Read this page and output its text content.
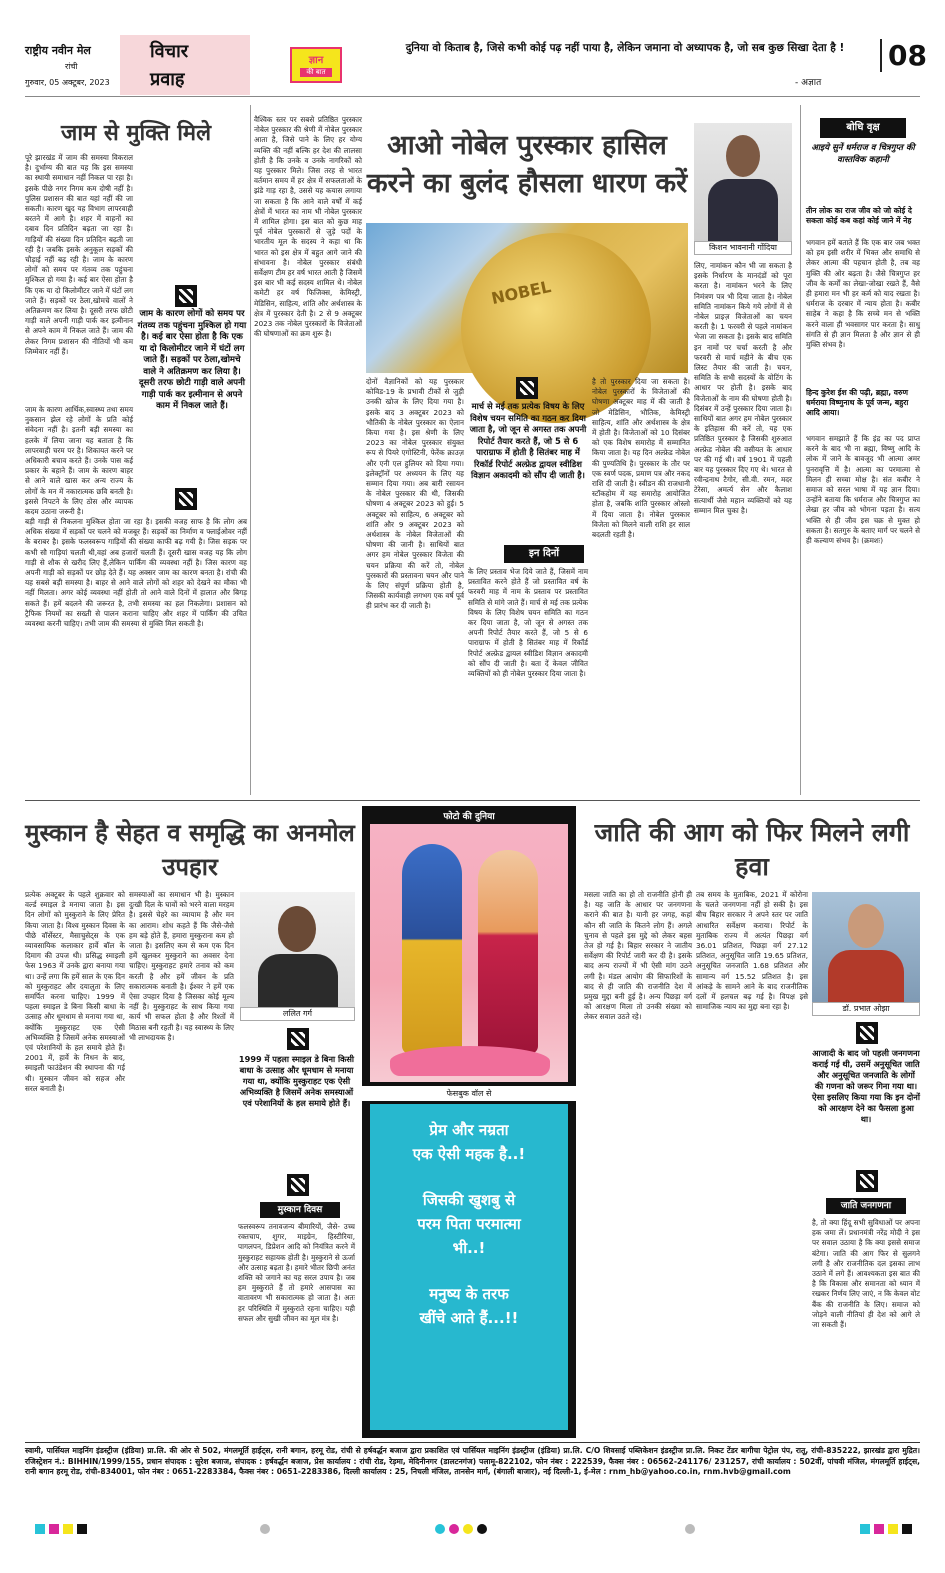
राष्ट्रीय नवीन मेल
रांची
गुरुवार, 05 अक्टूबर, 2023
विचार
प्रवाह
ज्ञान
की बात
दुनिया वो किताब है, जिसे कभी कोई पढ़ नहीं पाया है, लेकिन जमाना वो अध्यापक है, जो सब कुछ सिखा देता है !
- अज्ञात
08
जाम से मुक्ति मिले
पूरे झारखंड में जाम की समस्या विकराल है। दुर्भाग्य की बात यह कि इस समस्या का स्थायी समाधान नहीं निकल पा रहा है। इसके पीछे नगर निगम कम दोषी नहीं है। पुलिस प्रशासन की बात यहां नहीं की जा सकती। कारण खुद यह विभाग लापरवाही बरतने में आगे है। शहर में वाहनों का दबाव दिन प्रतिदिन बढ़ता जा रहा है। गाड़ियों की संख्या दिन प्रतिदिन बढ़ती जा रही है। जबकि इसके अनुकूल सड़कों की चौड़ाई नहीं बढ़ रही है। जाम के कारण लोगों को समय पर गंतव्य तक पहुंचना मुश्किल हो गया है। कई बार ऐसा होता है कि एक या दो किलोमीटर जाने में घंटों लग जाते हैं। सड़कों पर ठेला,खोमचे वालों ने अतिक्रमण कर लिया है। दूसरी तरफ छोटी गाड़ी वाले अपनी गाड़ी पार्क कर इत्मीनान से अपने काम में निकल जाते हैं। जाम की लेकर निगम प्रशासन की नीतियों भी कम जिम्मेवार नहीं हैं।
जाम के कारण आर्थिक,स्वास्थ्य तथा समय नुकसान झेल रहे लोगों के प्रति कोई संवेदना नहीं है। इतनी बड़ी समस्या का हलके में लिया जाना यह बताता है कि लापरवाही चरम पर है। शिकायत करने पर अधिकारी बचाव करते हैं। उनके पास कई प्रकार के बहाने हैं। जाम के कारण बाहर से आने वाले खास कर अन्य राज्य के लोगों के मन में नकारात्मक छवि बनती है। इससे निपटने के लिए ठोस और व्यापक कदम उठाना जरूरी है।
जाम के कारण लोगों को समय पर गंतव्य तक पहुंचना मुश्किल हो गया है। कई बार ऐसा होता है कि एक या दो किलोमीटर जाने में घंटों लग जाते हैं। सड़कों पर ठेला,खोमचे वाले ने अतिक्रमण कर लिया है। दूसरी तरफ छोटी गाड़ी वाले अपनी गाड़ी पार्क कर इत्मीनान से अपने काम में निकल जाते हैं।
बड़ी गाड़ी से निकलना मुश्किल होता जा रहा है। इसकी वजह साफ है कि लोग अब अधिक संख्या में सड़कों पर चलने को मजबूर हैं। सड़कों का निर्माण व फ्लाईओवर नहीं के बराबर है। इसके फलस्वरूप गाड़ियों की संख्या काफी बढ़ गयी है। जिस सड़क पर कभी सौ गाड़ियां चलती थी,वहां अब हजारों चलती हैं। दूसरी खास वजह यह कि लोग गाड़ी से शौक से खरीद लिए हैं,लेकिन पार्किंग की व्यवस्था नहीं है। जिस कारण वह अपनी गाड़ी को सड़कों पर छोड़ देते हैं। यह अक्सर जाम का कारण बनता है। रांची की यह सबसे बड़ी समस्या है। बाहर से आने वाले लोगों को शहर को देखने का मौका भी नहीं मिलता। अगर कोई व्यवस्था नहीं होती तो आने वाले दिनों में हालात और बिगड़ सकते हैं। हमें बदलने की जरूरत है, तभी समस्या का हल निकलेगा। प्रशासन को ट्रैफिक नियमों का सख्ती से पालन कराना चाहिए और शहर में पार्किंग की उचित व्यवस्था करनी चाहिए। तभी जाम की समस्या से मुक्ति मिल सकती है।
वैश्विक स्तर पर सबसे प्रतिष्ठित पुरस्कार नोबेल पुरस्कार की श्रेणी में नोबेल पुरस्कार आता है, जिसे पाने के लिए हर योग्य व्यक्ति की नहीं बल्कि हर देश की लालसा होती है कि उनके व उनके नागरिकों को यह पुरस्कार मिले। जिस तरह से भारत वर्तमान समय में हर क्षेत्र में सफलताओं के झंडे गाड़ रहा है, उससे यह कयास लगाया जा सकता है कि आने वाले वर्षों में कई क्षेत्रों में भारत का नाम भी नोबेल पुरस्कार में शामिल होगा। इस बात को कुछ माह पूर्व नोबेल पुरस्कारों से जुड़े पदों के भारतीय मूल के सदस्य ने कहा था कि भारत को इस क्षेत्र में बहुत आगे जाने की संभावना है। नोबेल पुरस्कार संबंधी सर्वेक्षण टीम हर वर्ष भारत आती है जिसमें इस बार भी कई सदस्य शामिल थे। नोबेल कमेटी हर वर्ष फिजिक्स, केमिस्ट्री, मेडिसिन, साहित्य, शांति और अर्थशास्त्र के क्षेत्र में पुरस्कार देती है। 2 से 9 अक्टूबर 2023 तक नोबेल पुरस्कारों के विजेताओं की घोषणाओं का क्रम शुरू है।
आओ नोबेल पुरस्कार हासिल करने का बुलंद हौसला धारण करें
NOBEL
किशन भावनानी गोंदिया
लिए, नामांकन कौन भी जा सकता है इसके निर्धारण के मानदंडों को पूरा करता है। नामांकन भरने के लिए निमंत्रण पत्र भी दिया जाता है। नोबेल समिति नामांकन किये गये लोगों में से नोबेल प्राइज़ विजेताओं का चयन करती है। 1 फरवरी से पहले नामांकन भेजा जा सकता है। इसके बाद समिति इन नामों पर चर्चा करती है और फरवरी से मार्च महीने के बीच एक लिस्ट तैयार की जाती है। चयन, समिति के सभी सदस्यों के वोटिंग के आधार पर होती है। इसके बाद विजेताओं के नाम की घोषणा होती है। दिसंबर में उन्हें पुरस्कार दिया जाता है। साथियों बात अगर हम नोबेल पुरस्कार के इतिहास की करें तो, यह एक प्रतिष्ठित पुरस्कार है जिसकी शुरुआत अल्फ्रेड नोबेल की वसीयत के आधार पर की गई थी। वर्ष 1901 में पहली बार यह पुरस्कार दिए गए थे। भारत से रवीन्द्रनाथ टैगोर, सी.वी. रमन, मदर टेरेसा, अमर्त्य सेन और कैलाश सत्यार्थी जैसे महान व्यक्तियों को यह सम्मान मिल चुका है।
दोनों वैज्ञानिकों को यह पुरस्कार कोविड-19 के प्रभावी टीकों से जुड़ी उनकी खोज के लिए दिया गया है। इसके बाद 3 अक्टूबर 2023 को भौतिकी के नोबेल पुरस्कार का ऐलान किया गया है। इस श्रेणी के लिए 2023 का नोबेल पुरस्कार संयुक्त रूप से पियरे एगोस्टिनी, फेरेंक क्राउज़ और एनी एल हुलियर को दिया गया। इलेक्ट्रॉनों पर अध्ययन के लिए यह सम्मान दिया गया। अब बारी रसायन के नोबेल पुरस्कार की थी, जिसकी घोषणा 4 अक्टूबर 2023 को हुई। 5 अक्टूबर को साहित्य, 6 अक्टूबर को शांति और 9 अक्टूबर 2023 को अर्थशास्त्र के नोबेल विजेताओं की घोषणा की जानी है। साथियों बात अगर हम नोबेल पुरस्कार विजेता की चयन प्रक्रिया की करें तो, नोबेल पुरस्कारों की प्रस्तावना चयन और पाने के लिए संपूर्ण प्रक्रिया होती है, जिसकी कार्यवाही लगभग एक वर्ष पूर्व ही प्रारंभ कर दी जाती है।
मार्च से मई तक प्रत्येक विषय के लिए विशेष चयन समिति का गठन कर दिया जाता है, जो जून से अगस्त तक अपनी रिपोर्ट तैयार करते हैं, जो 5 से 6 पाराग्राफ में होती है सितंबर माह में रिकॉर्ड रिपोर्ट अल्फ्रेड द्वायल स्वीडिश विज्ञान अकादमी को सौंप दी जाती है।
इन दिनों
के लिए प्रस्ताव भेज दिये जाते हैं, जिसमें नाम प्रस्तावित करने होते हैं जो प्रस्तावित वर्ष के फरवरी माह में नाम के प्रस्ताव पर प्रस्तावित समिति से मांगे जाते हैं। मार्च से मई तक प्रत्येक विषय के लिए विशेष चयन समिति का गठन कर दिया जाता है, जो जून से अगस्त तक अपनी रिपोर्ट तैयार करते हैं, जो 5 से 6 पाराग्राफ में होती है सितंबर माह में रिकॉर्ड रिपोर्ट अल्फ्रेड द्वायल स्वीडिश विज्ञान अकादमी को सौंप दी जाती है। बता दें केवल जीवित व्यक्तियों को ही नोबेल पुरस्कार दिया जाता है।
है तो पुरस्कार दिया जा सकता है। नोबेल पुरस्कारों के विजेताओं की घोषणा अक्टूबर माह में की जाती है जो मेडिसिन, भौतिक, केमिस्ट्री साहित्य, शांति और अर्थशास्त्र के क्षेत्र में होती है। विजेताओं को 10 दिसंबर को एक विशेष समारोह में सम्मानित किया जाता है। यह दिन अल्फ्रेड नोबेल की पुण्यतिथि है। पुरस्कार के तौर पर एक स्वर्ण पदक, प्रमाण पत्र और नकद राशि दी जाती है। स्वीडन की राजधानी स्टॉकहोम में यह समारोह आयोजित होता है, जबकि शांति पुरस्कार ओस्लो में दिया जाता है। नोबेल पुरस्कार विजेता को मिलने वाली राशि हर साल बदलती रहती है।
बोधि वृक्ष
आइये सुनें धर्मराज व चित्रगुप्त की वास्तविक कहानी
तीन लोक का राज जीव को जो कोई दे सकता कोई कब कहां कोई जाने में नेह
भगवान हमें बताते हैं कि एक बार जब भक्त को हम इसी शरीर में भिक्त और समाधि से लेकर आत्मा की पहचान होती है, तब वह मुक्ति की ओर बढ़ता है। जैसे चित्रगुप्त हर जीव के कर्मों का लेखा-जोखा रखते हैं, वैसे ही हमारा मन भी हर कर्म को याद रखता है। धर्मराज के दरबार में न्याय होता है। कबीर साहेब ने कहा है कि सच्चे मन से भक्ति करने वाला ही भवसागर पार करता है। साधु संगति से ही ज्ञान मिलता है और ज्ञान से ही मुक्ति संभव है।
हिन्द कुरेश ईश की पढ़ी, ब्रह्मा, वरुण धर्मराया विष्णुनाथ के पूर्व जन्म, बहुरा आदि आया।
भगवान समझाते हैं कि इंद्र का पद प्राप्त करने के बाद भी ना ब्रह्मा, विष्णु आदि के लोक में जाने के बावजूद भी आत्मा अमर पुनरावृत्ति में है। आत्मा का परमात्मा से मिलन ही सच्चा मोक्ष है। संत कबीर ने समाज को सरल भाषा में यह ज्ञान दिया। उन्होंने बताया कि धर्मराज और चित्रगुप्त का लेखा हर जीव को भोगना पड़ता है। सत्य भक्ति से ही जीव इस चक्र से मुक्त हो सकता है। सतगुरु के बताए मार्ग पर चलने से ही कल्याण संभव है। (क्रमशः)
मुस्कान है सेहत व समृद्धि का अनमोल उपहार
प्रत्येक अक्टूबर के पहले शुक्रवार को वर्ल्ड स्माइल डे मनाया जाता है। इस दिन लोगों को मुस्कुराने के लिए प्रेरित किया जाता है। विश्व मुस्कान दिवस के पीछे वॉर्सेस्टर, मैसाचुसेट्स के एक व्यावसायिक कलाकार हार्वे बॉल के दिमाग की उपज थी। प्रसिद्ध स्माइली फेस 1963 में उनके द्वारा बनाया गया था। उन्हें लगा कि हमें साल के एक दिन को मुस्कुराहट और दयालुता के लिए समर्पित करना चाहिए। 1999 में पहला स्माइल डे बिना किसी बाधा के उत्साह और धूमधाम से मनाया गया था, क्योंकि मुस्कुराहट एक ऐसी अभिव्यक्ति है जिसमें अनेक समस्याओं एवं परेशानियों के हल समाये होते हैं। 2001 में, हार्वे के निधन के बाद, स्माइली फाउंडेशन की स्थापना की गई थी। मुस्कान जीवन को सहज और सरल बनाती है।
समस्याओं का समाधान भी है। मुस्कान दुःखी दिल के घावों को भरने वाला मरहम है। इससे चेहरे का व्यायाम है और मन का आराम। शोध कहते हैं कि जैसे-जैसे हम बड़े होते हैं, हमारा मुस्कुराना कम हो जाता है। इसलिए कम से कम एक दिन हमें खुलकर मुस्कुराने का अवसर देना चाहिए। मुस्कुराहट हमारे तनाव को कम करती है और हमें जीवन के प्रति सकारात्मक बनाती है। ईश्वर ने हमें एक ऐसा उपहार दिया है जिसका कोई मूल्य नहीं है। मुस्कुराहट के साथ किया गया कार्य भी सफल होता है और रिश्तों में मिठास बनी रहती है। यह स्वास्थ्य के लिए भी लाभदायक है।
ललित गर्ग
1999 में पहला स्माइल डे बिना किसी बाधा के उत्साह और धूमधाम से मनाया गया था, क्योंकि मुस्कुराहट एक ऐसी अभिव्यक्ति है जिसमें अनेक समस्याओं एवं परेशानियों के हल समाये होते हैं।
मुस्कान दिवस
फलस्वरूप तनावजन्य बीमारियों, जैसे- उच्च रक्तचाप, शुगर, माइग्रेन, हिस्टीरिया, पागलपन, डिप्रेशन आदि को नियंत्रित करने में मुस्कुराहट सहायक होती है। मुस्कुराने से ऊर्जा और उत्साह बढ़ता है। हमारे भीतर छिपी अनंत शक्ति को जगाने का यह सरल उपाय है। जब हम मुस्कुराते हैं तो हमारे आसपास का वातावरण भी सकारात्मक हो जाता है। अतः हर परिस्थिति में मुस्कुराते रहना चाहिए। यही सफल और सुखी जीवन का मूल मंत्र है।
फोटो की दुनिया
फेसबुक वॉल से
प्रेम और नम्रता
एक ऐसी महक है..!
जिसकी खुशबु से
परम पिता परमात्मा
भी..!
मनुष्य के तरफ
खींचे आते हैं...!!
जाति की आग को फिर मिलने लगी हवा
मसला जाति का हो तो राजनीति होनी ही है। यह जाति के आधार पर जनगणना कराने की बात है। यानी हर जगह, कहां कौन सी जाति के कितने लोग हैं। अगले चुनाव से पहले इस मुद्दे को लेकर बहस तेज हो गई है। बिहार सरकार ने जातीय सर्वेक्षण की रिपोर्ट जारी कर दी है। इसके बाद अन्य राज्यों में भी ऐसी मांग उठने लगी है। मंडल आयोग की सिफारिशों के बाद से ही जाति की राजनीति देश में प्रमुख मुद्दा बनी हुई है। अन्य पिछड़ा वर्ग को आरक्षण मिला तो उनकी संख्या को लेकर सवाल उठते रहे।
तब समय के मुताबिक, 2021 में कोरोना के चलते जनगणना नहीं हो सकी है। इस बीच बिहार सरकार ने अपने स्तर पर जाति आधारित सर्वेक्षण कराया। रिपोर्ट के मुताबिक राज्य में अत्यंत पिछड़ा वर्ग 36.01 प्रतिशत, पिछड़ा वर्ग 27.12 प्रतिशत, अनुसूचित जाति 19.65 प्रतिशत, अनुसूचित जनजाति 1.68 प्रतिशत और सामान्य वर्ग 15.52 प्रतिशत है। इस आंकड़े के सामने आने के बाद राजनीतिक दलों में हलचल बढ़ गई है। विपक्ष इसे सामाजिक न्याय का मुद्दा बना रहा है।	डॉ. प्रभात ओझा
आजादी के बाद जो पहली जनगणना कराई गई थी, उसमें अनुसूचित जाति और अनुसूचित जनजाति के लोगों की गणना को जरूर गिना गया था। ऐसा इसलिए किया गया कि इन दोनों को आरक्षण देने का फैसला हुआ था।
जाति जनगणना
है, तो क्या हिंदू सभी सुविधाओं पर अपना हक जमा लें। प्रधानमंत्री नरेंद्र मोदी ने इस पर सवाल उठाया है कि क्या इससे समाज बंटेगा। जाति की आग फिर से सुलगने लगी है और राजनीतिक दल इसका लाभ उठाने में लगे हैं। आवश्यकता इस बात की है कि विकास और समानता को ध्यान में रखकर निर्णय लिए जाएं, न कि केवल वोट बैंक की राजनीति के लिए। समाज को जोड़ने वाली नीतियां ही देश को आगे ले जा सकती हैं।
स्वामी, पार्सियल माइनिंग इंडस्ट्रीज (इंडिया) प्रा.लि. की ओर से 502, मंगलमूर्ति हाईट्स, रानी बगान, हरमू रोड, रांची से हर्षवर्द्धन बजाज द्वारा प्रकाशित एवं पार्सियल माइनिंग इंडस्ट्रीज (इंडिया) प्रा.लि. C/O शिवसाई पब्लिकेशन इंडस्ट्रीज प्रा.लि. निकट टेंडर बागीचा पेट्रोल पंप, रातू, रांची-835222, झारखंड द्वारा मुद्रित। रजिस्ट्रेशन नं.: BIHHIN/1999/155, प्रधान संपादक : सुरेश बजाज, संपादक : हर्षवर्द्धन बजाज, प्रेस कार्यालय : रांची रोड, रेड़मा, मेदिनीनगर (डालटनगंज) पलामू-822102, फोन नंबर : 222539, फैक्स नंबर : 06562-241176/ 231257, रांची कार्यालय : 502वीं, पांचवी मंजिल, मंगलमूर्ति हाईट्स, रानी बगान हरमू रोड, रांची-834001, फोन नंबर : 0651-2283384, फैक्स नंबर : 0651-2283386, दिल्ली कार्यालय : 25, निचली मंजिल, तानसेन मार्ग, (बंगाली बाजार), नई दिल्ली-1, ई-मेल : rnm_hb@yahoo.co.in, rnm.hvb@gmail.com
